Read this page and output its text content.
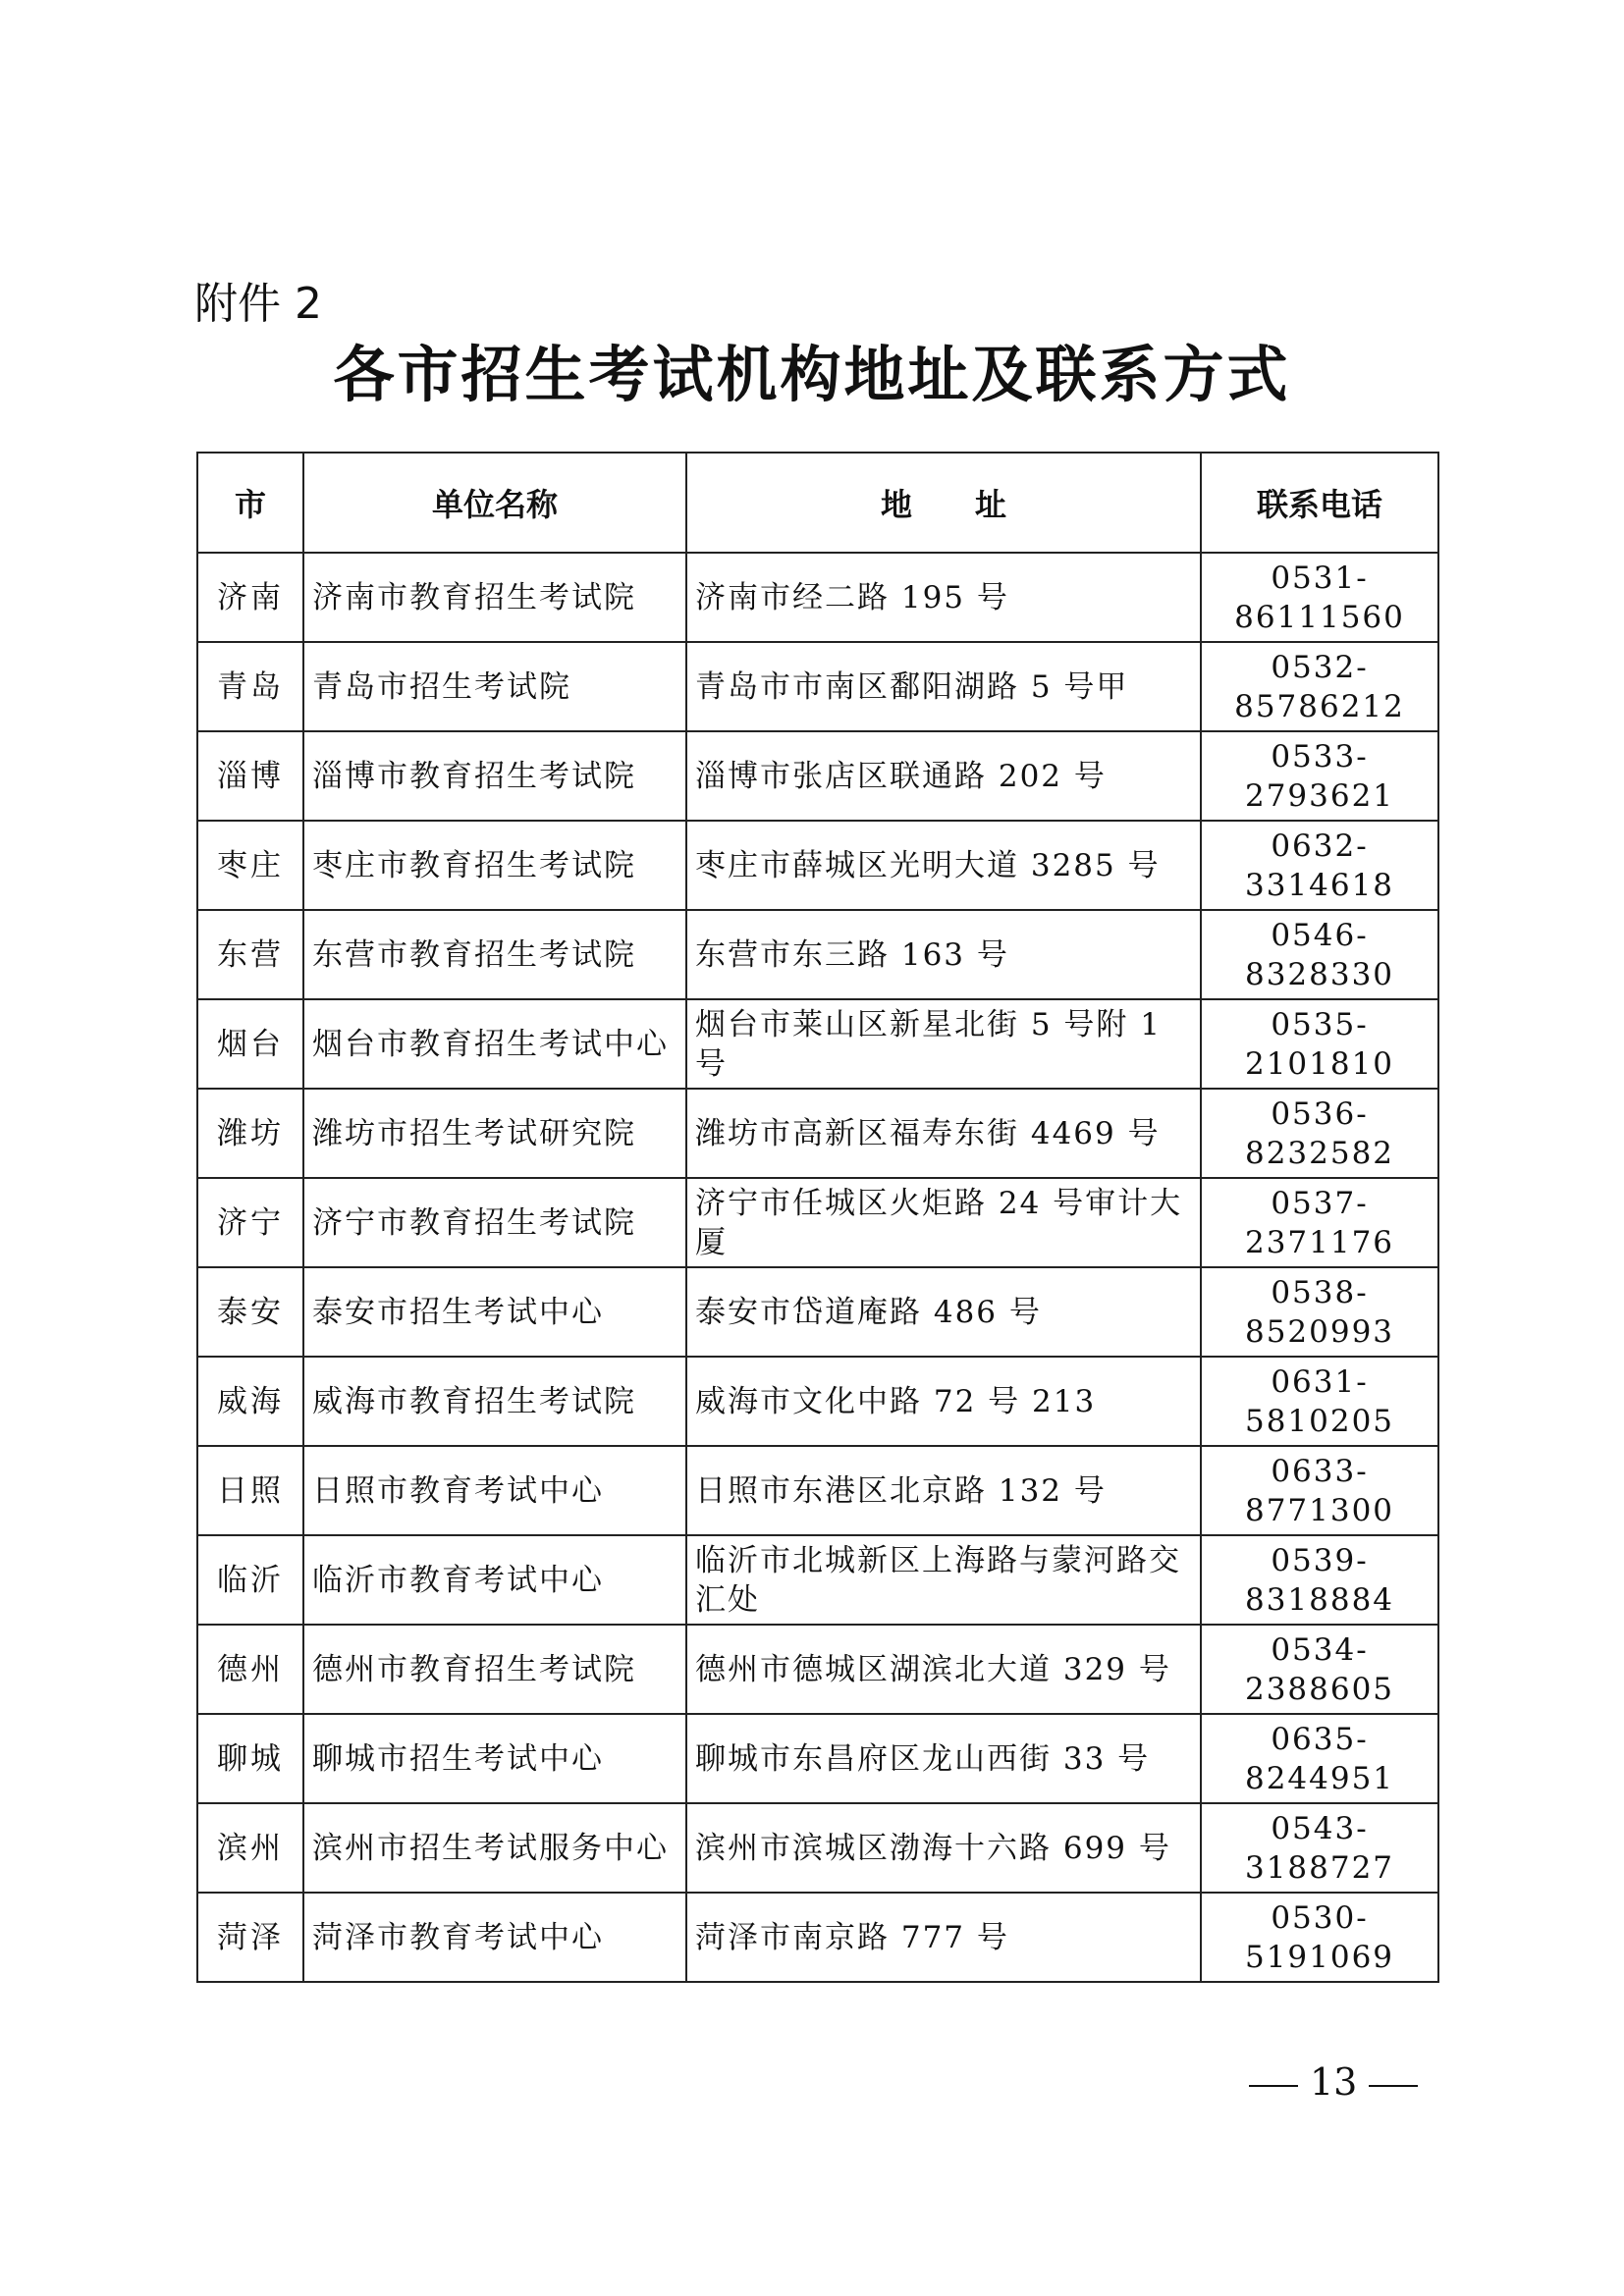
附件 2
各市招生考试机构地址及联系方式
市	单位名称	地　　址	联系电话
济南	济南市教育招生考试院	济南市经二路 195 号	0531-86111560
青岛	青岛市招生考试院	青岛市市南区鄱阳湖路 5 号甲	0532-85786212
淄博	淄博市教育招生考试院	淄博市张店区联通路 202 号	0533-2793621
枣庄	枣庄市教育招生考试院	枣庄市薛城区光明大道 3285 号	0632-3314618
东营	东营市教育招生考试院	东营市东三路 163 号	0546-8328330
烟台	烟台市教育招生考试中心	烟台市莱山区新星北街 5 号附 1 号	0535-2101810
潍坊	潍坊市招生考试研究院	潍坊市高新区福寿东街 4469 号	0536-8232582
济宁	济宁市教育招生考试院	济宁市任城区火炬路 24 号审计大厦	0537-2371176
泰安	泰安市招生考试中心	泰安市岱道庵路 486 号	0538-8520993
威海	威海市教育招生考试院	威海市文化中路 72 号 213	0631-5810205
日照	日照市教育考试中心	日照市东港区北京路 132 号	0633-8771300
临沂	临沂市教育考试中心	临沂市北城新区上海路与蒙河路交汇处	0539-8318884
德州	德州市教育招生考试院	德州市德城区湖滨北大道 329 号	0534-2388605
聊城	聊城市招生考试中心	聊城市东昌府区龙山西街 33 号	0635-8244951
滨州	滨州市招生考试服务中心	滨州市滨城区渤海十六路 699 号	0543-3188727
菏泽	菏泽市教育考试中心	菏泽市南京路 777 号	0530-5191069
13
